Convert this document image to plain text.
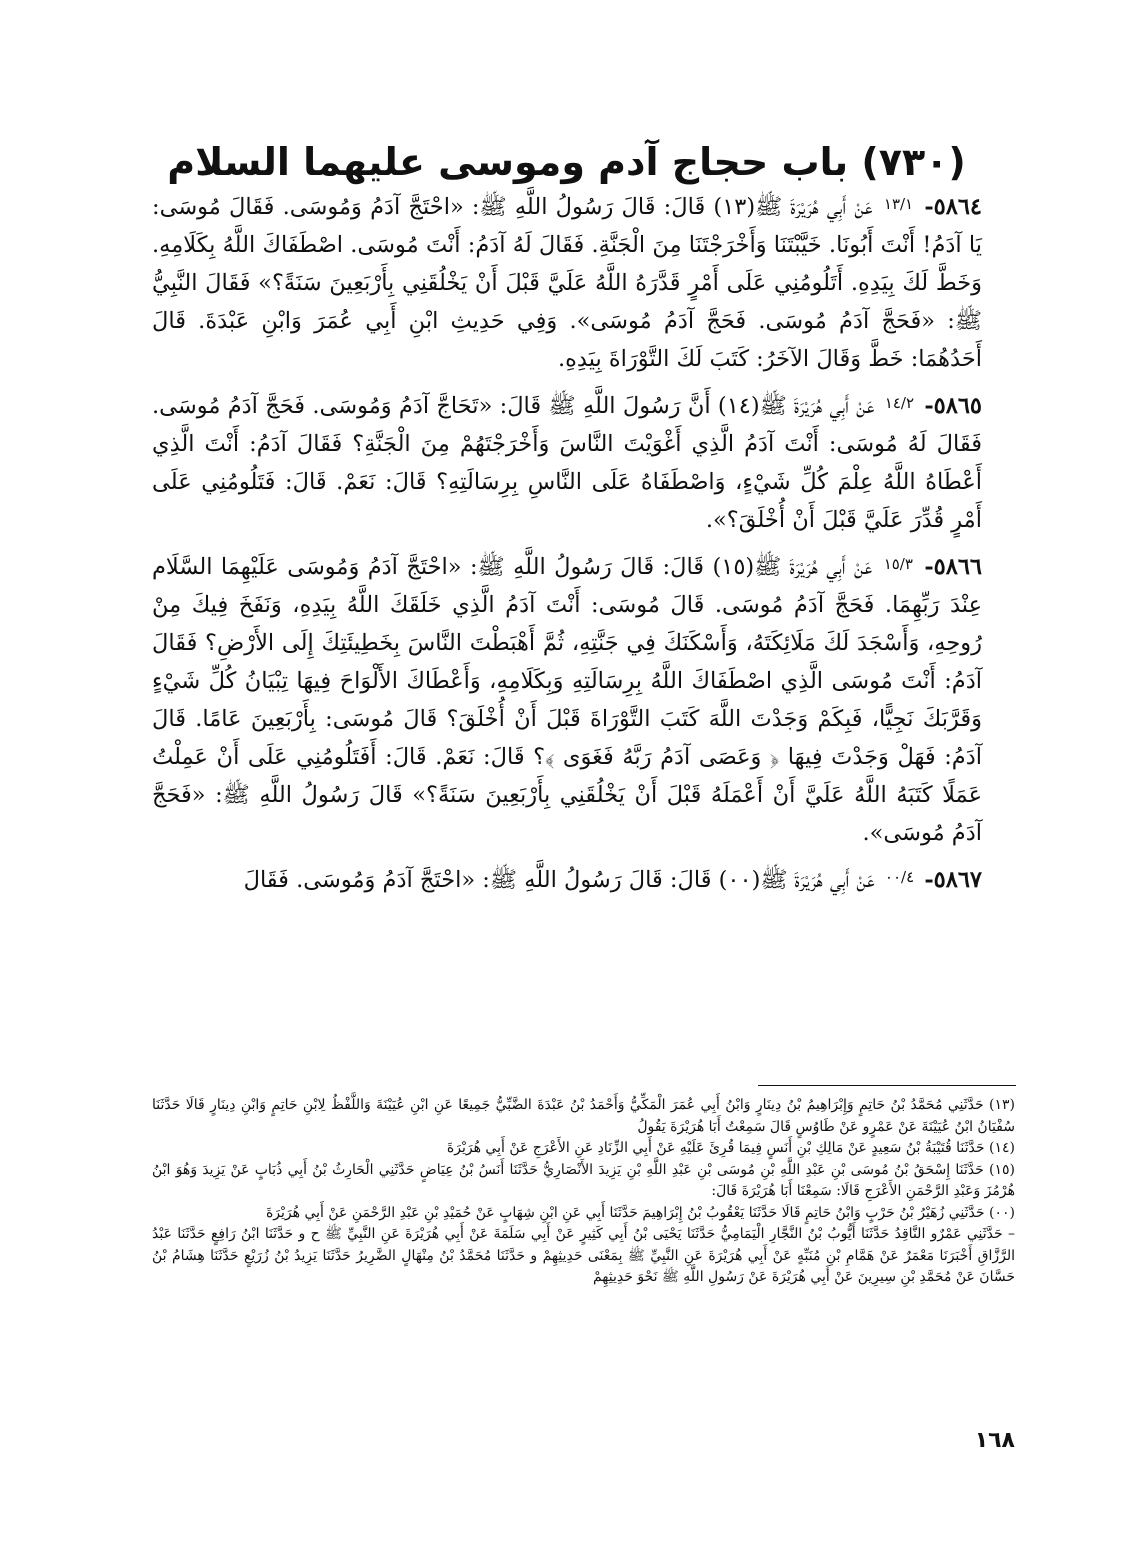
(٧٣٠) باب حجاج آدم وموسى عليهما السلام

٥٨٦٤- $^{١٣/١}$ عَنْ أَبِي هُرَيْرَةَ ﷺ(١٣) قَالَ: قَالَ رَسُولُ اللَّهِ ﷺ: «احْتَجَّ آدَمُ وَمُوسَى. فَقَالَ مُوسَى: يَا آدَمُ! أَنْتَ أَبُونَا. خَيَّبْتَنَا وَأَخْرَجْتَنَا مِنَ الْجَنَّةِ. فَقَالَ لَهُ آدَمُ: أَنْتَ مُوسَى. اصْطَفَاكَ اللَّهُ بِكَلَامِهِ. وَخَطَّ لَكَ بِيَدِهِ. أَتَلُومُنِي عَلَى أَمْرٍ قَدَّرَهُ اللَّهُ عَلَيَّ قَبْلَ أَنْ يَخْلُقَنِي بِأَرْبَعِينَ سَنَةً؟» فَقَالَ النَّبِيُّ ﷺ: «فَحَجَّ آدَمُ مُوسَى. فَحَجَّ آدَمُ مُوسَى». وَفِي حَدِيثِ ابْنِ أَبِي عُمَرَ وَابْنِ عَبْدَةَ. قَالَ أَحَدُهُمَا: خَطَّ وَقَالَ الآخَرُ: كَتَبَ لَكَ التَّوْرَاةَ بِيَدِهِ.

٥٨٦٥- $^{١٤/٢}$ عَنْ أَبِي هُرَيْرَةَ ﷺ(١٤) أَنَّ رَسُولَ اللَّهِ ﷺ قَالَ: «تَحَاجَّ آدَمُ وَمُوسَى. فَحَجَّ آدَمُ مُوسَى. فَقَالَ لَهُ مُوسَى: أَنْتَ آدَمُ الَّذِي أَغْوَيْتَ النَّاسَ وَأَخْرَجْتَهُمْ مِنَ الْجَنَّةِ؟ فَقَالَ آدَمُ: أَنْتَ الَّذِي أَعْطَاهُ اللَّهُ عِلْمَ كُلِّ شَيْءٍ، وَاصْطَفَاهُ عَلَى النَّاسِ بِرِسَالَتِهِ؟ قَالَ: نَعَمْ. قَالَ: فَتَلُومُنِي عَلَى أَمْرٍ قُدِّرَ عَلَيَّ قَبْلَ أَنْ أُخْلَقَ؟».

٥٨٦٦- $^{١٥/٣}$ عَنْ أَبِي هُرَيْرَةَ ﷺ(١٥) قَالَ: قَالَ رَسُولُ اللَّهِ ﷺ: «احْتَجَّ آدَمُ وَمُوسَى عَلَيْهِمَا السَّلَام عِنْدَ رَبِّهِمَا. فَحَجَّ آدَمُ مُوسَى. قَالَ مُوسَى: أَنْتَ آدَمُ الَّذِي خَلَقَكَ اللَّهُ بِيَدِهِ، وَنَفَخَ فِيكَ مِنْ رُوحِهِ، وَأَسْجَدَ لَكَ مَلَائِكَتَهُ، وَأَسْكَنَكَ فِي جَنَّتِهِ، ثُمَّ أَهْبَطْتَ النَّاسَ بِخَطِيئَتِكَ إِلَى الأَرْضِ؟ فَقَالَ آدَمُ: أَنْتَ مُوسَى الَّذِي اصْطَفَاكَ اللَّهُ بِرِسَالَتِهِ وَبِكَلَامِهِ، وَأَعْطَاكَ الأَلْوَاحَ فِيهَا تِبْيَانُ كُلِّ شَيْءٍ وَقَرَّبَكَ نَجِيًّا، فَبِكَمْ وَجَدْتَ اللَّهَ كَتَبَ التَّوْرَاةَ قَبْلَ أَنْ أُخْلَقَ؟ قَالَ مُوسَى: بِأَرْبَعِينَ عَامًا. قَالَ آدَمُ: فَهَلْ وَجَدْتَ فِيهَا ﴿ وَعَصَى آدَمُ رَبَّهُ فَغَوَى ﴾؟ قَالَ: نَعَمْ. قَالَ: أَفَتَلُومُنِي عَلَى أَنْ عَمِلْتُ عَمَلًا كَتَبَهُ اللَّهُ عَلَيَّ أَنْ أَعْمَلَهُ قَبْلَ أَنْ يَخْلُقَنِي بِأَرْبَعِينَ سَنَةً؟» قَالَ رَسُولُ اللَّهِ ﷺ: «فَحَجَّ آدَمُ مُوسَى».

٥٨٦٧- $^{٠٠/٤}$ عَنْ أَبِي هُرَيْرَةَ ﷺ(٠٠) قَالَ: قَالَ رَسُولُ اللَّهِ ﷺ: «احْتَجَّ آدَمُ وَمُوسَى. فَقَالَ

(١٣) حَدَّثَنِي مُحَمَّدُ بْنُ حَاتِمٍ وَإِبْرَاهِيمُ بْنُ دِينَارٍ وَابْنُ أَبِي عُمَرَ الْمَكِّيُّ وَأَحْمَدُ بْنُ عَبْدَةَ الضَّبِّيُّ جَمِيعًا عَنِ ابْنِ عُيَيْنَةَ وَاللَّفْظُ لِابْنِ حَاتِمٍ وَابْنِ دِينَارٍ قَالَا حَدَّثَنَا سُفْيَانُ ابْنُ عُيَيْنَةَ عَنْ عَمْرٍو عَنْ طَاوُسٍ قَالَ سَمِعْتُ أَبَا هُرَيْرَةَ يَقُولُ

(١٤) حَدَّثَنَا قُتَيْبَةُ بْنُ سَعِيدٍ عَنْ مَالِكِ بْنِ أَنَسٍ فِيمَا قُرِئَ عَلَيْهِ عَنْ أَبِي الزِّنَادِ عَنِ الأَعْرَجِ عَنْ أَبِي هُرَيْرَةَ

(١٥) حَدَّثَنَا إِسْحَقُ بْنُ مُوسَى بْنِ عَبْدِ اللَّهِ بْنِ مُوسَى بْنِ عَبْدِ اللَّهِ بْنِ يَزِيدَ الأَنْصَارِيُّ حَدَّثَنَا أَنَسُ بْنُ عِيَاضٍ حَدَّثَنِي الْحَارِثُ بْنُ أَبِي ذُبَابٍ عَنْ يَزِيدَ وَهُوَ ابْنُ هُرْمُزَ وَعَبْدِ الرَّحْمَنِ الأَعْرَجِ قَالَا: سَمِعْنَا أَبَا هُرَيْرَةَ قَالَ:

(٠٠) حَدَّثَنِي زُهَيْرُ بْنُ حَرْبٍ وَابْنُ حَاتِمٍ قَالَا حَدَّثَنَا يَعْقُوبُ بْنُ إِبْرَاهِيمَ حَدَّثَنَا أَبِي عَنِ ابْنِ شِهَابٍ عَنْ حُمَيْدِ بْنِ عَبْدِ الرَّحْمَنِ عَنْ أَبِي هُرَيْرَةَ

– حَدَّثَنِي عَمْرٌو النَّاقِدُ حَدَّثَنَا أَيُّوبُ بْنُ النَّجَّارِ الْيَمَامِيُّ حَدَّثَنَا يَحْيَى بْنُ أَبِي كَثِيرٍ عَنْ أَبِي سَلَمَةَ عَنْ أَبِي هُرَيْرَةَ عَنِ النَّبِيِّ ﷺ ح و حَدَّثَنَا ابْنُ رَافِعٍ حَدَّثَنَا عَبْدُ الرَّزَّاقِ أَخْبَرَنَا مَعْمَرٌ عَنْ هَمَّامِ بْنِ مُنَبِّهٍ عَنْ أَبِي هُرَيْرَةَ عَنِ النَّبِيِّ ﷺ بِمَعْنَى حَدِيثِهِمْ و حَدَّثَنَا مُحَمَّدُ بْنُ مِنْهَالٍ الضَّرِيرُ حَدَّثَنَا يَزِيدُ بْنُ زُرَيْعٍ حَدَّثَنَا هِشَامُ بْنُ حَسَّانَ عَنْ مُحَمَّدِ بْنِ سِيرِينَ عَنْ أَبِي هُرَيْرَةَ عَنْ رَسُولِ اللَّهِ ﷺ نَحْوَ حَدِيثِهِمْ

١٦٨
